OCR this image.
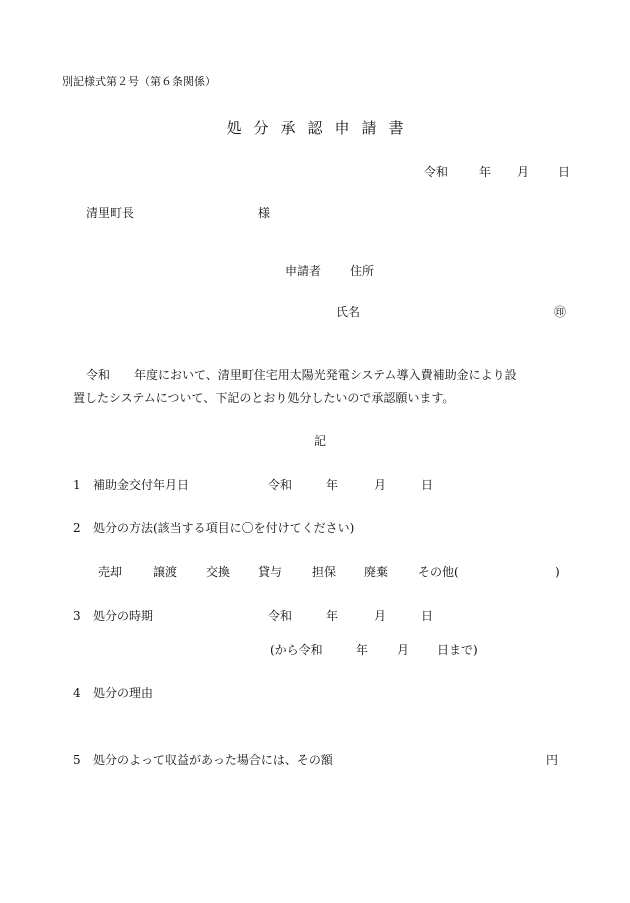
別記様式第２号（第６条関係）
処分承認申請書
令和	年 月 日
清里町長	様
申請者 住所
氏名	㊞
令和　　年度において、清里町住宅用太陽光発電システム導入費補助金により設
置したシステムについて、下記のとおり処分したいので承認願います。
記
1 補助金交付年月日	令和	年	月	日
2 処分の方法(該当する項目に〇を付けてください)
売却	譲渡 交換 貸与 担保 廃棄 その他(	)
3 処分の時期	令和	年	月	日
(から令和	年 月 日まで)
4 処分の理由
5 処分のよって収益があった場合には、その額	円
